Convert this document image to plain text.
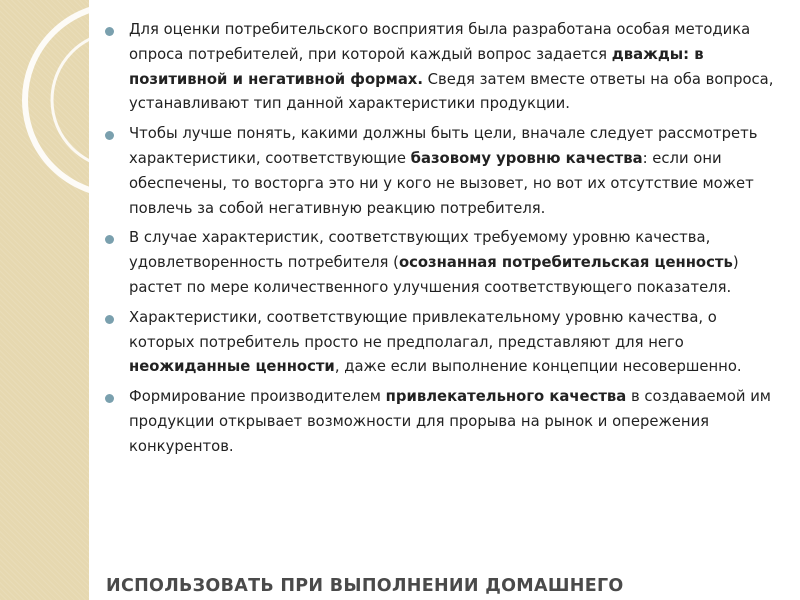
Для оценки потребительского восприятия была разработана особая методика опроса потребителей, при которой каждый вопрос задается дважды: в позитивной и негативной формах. Сведя затем вместе ответы на оба вопроса, устанавливают тип данной характеристики продукции.
Чтобы лучше понять, какими должны быть цели, вначале следует рассмотреть характеристики, соответствующие базовому уровню качества: если они обеспечены, то восторга это ни у кого не вызовет, но вот их отсутствие может повлечь за собой негативную реакцию потребителя.
В случае характеристик, соответствующих требуемому уровню качества, удовлетворенность потребителя (осознанная потребительская ценность) растет по мере количественного улучшения соответствующего показателя.
Характеристики, соответствующие привлекательному уровню качества, о которых потребитель просто не предполагал, представляют для него неожиданные ценности, даже если выполнение концепции несовершенно.
Формирование производителем привлекательного качества в создаваемой им продукции открывает возможности для прорыва на рынок и опережения конкурентов.
ИСПОЛЬЗОВАТЬ ПРИ ВЫПОЛНЕНИИ ДОМАШНЕГО
